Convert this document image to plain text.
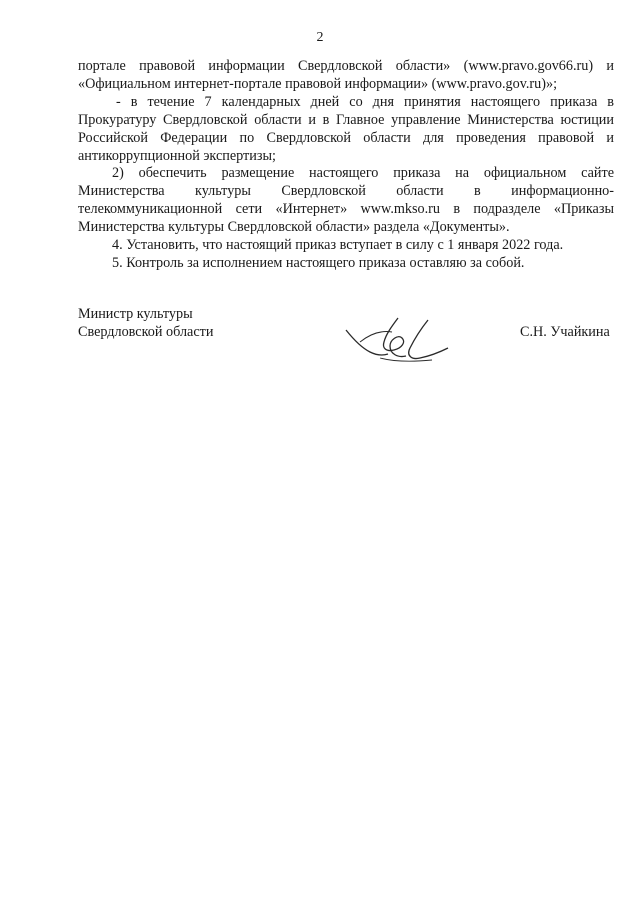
2

порталe правовой информации Свердловской области» (www.pravo.gov66.ru) и «Официальном интернет-портале правовой информации» (www.pravo.gov.ru)»;

- в течение 7 календарных дней со дня принятия настоящего приказа в Прокуратуру Свердловской области и в Главное управление Министерства юстиции Российской Федерации по Свердловской области для проведения правовой и антикоррупционной экспертизы;

2) обеспечить размещение настоящего приказа на официальном сайте Министерства культуры Свердловской области в информационно-телекоммуникационной сети «Интернет» www.mkso.ru в подразделе «Приказы Министерства культуры Свердловской области» раздела «Документы».

4. Установить, что настоящий приказ вступает в силу с 1 января 2022 года.

5. Контроль за исполнением настоящего приказа оставляю за собой.

Министр культуры
Свердловской области	С.Н. Учайкина
